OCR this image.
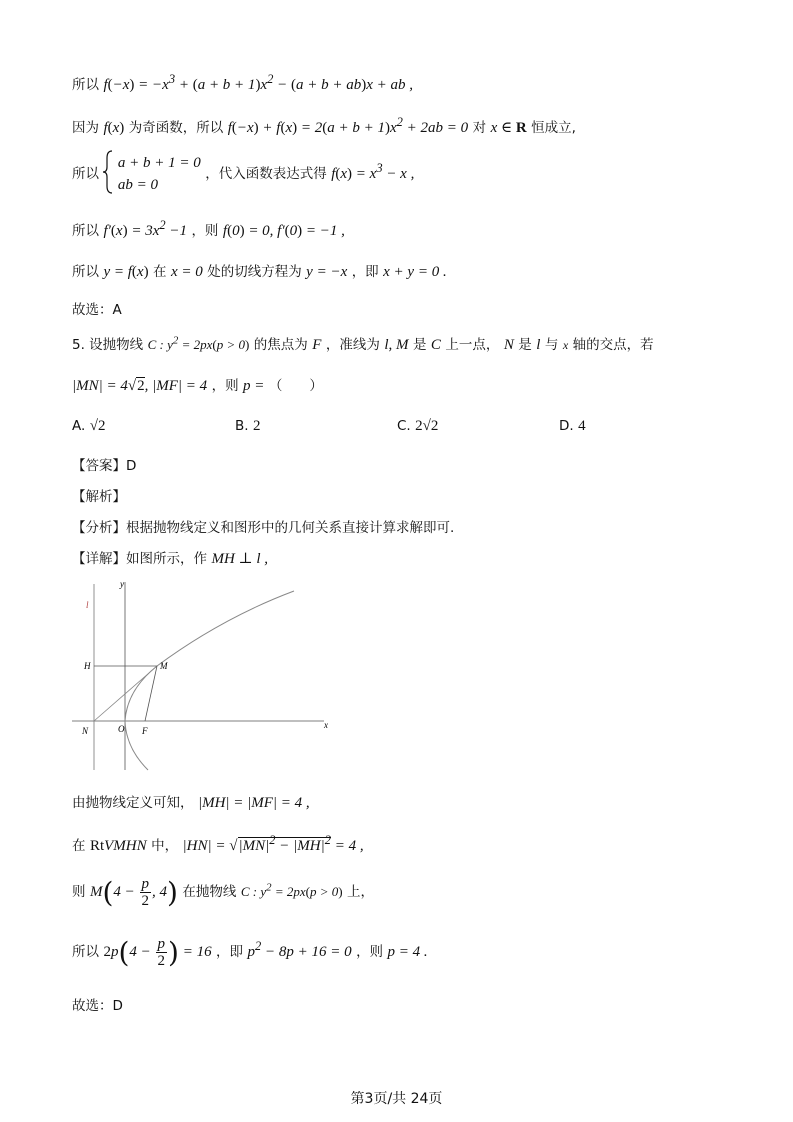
所以 $f(-x) = -x^3 + (a + b + 1)x^2 - (a + b + ab)x$ + ab ,
因为 f(x) 为奇函数，所以 $f(-x) + f(x) = 2(a + b + 1)x^2 + 2ab = 0$ 对 x ∈ R 恒成立,
所以
a + b + 1 = 0
ab = 0
，代入函数表达式得 $f(x) = x^3 - x$ ,
所以 $f'(x) = 3x^2 -1$ ，则 f(0) = 0, f′(0) = −1 ,
所以 y = f(x) 在 x = 0 处的切线方程为 y = −x ，即 x + y = 0 .
故选：A
5. 设抛物线 C : $y^2 = 2px(p > 0)$ 的焦点为 F ，准线为 l, M 是 C 上一点， N 是 l 与 x 轴的交点，若
|MN| = 4√2, |MF| = 4 ，则 p = （　　）
A. √2	B. 2	C. 2√2	D. 4
【答案】D
【解析】
【分析】根据抛物线定义和图形中的几何关系直接计算求解即可.
【详解】如图所示，作 MH ⊥ l ,
y
l
H	M
N	O F
x
由抛物线定义可知， |MH| = |MF| = 4 ,
在 RtVMHN 中， $|HN| = √|MN|^2 - |MH|^2 = 4$ ,
则 $M(4 - \frac{p}{2}$ , 4) 在抛物线 C : $y^2 = 2px(p > 0)$ 上，
所以 $2p(4 - \frac{p}{2}$ ) = 16 ，即 $p^2 - 8p + 16 = 0$ ，则 p = 4 .
故选：D
第3页/共 24页
